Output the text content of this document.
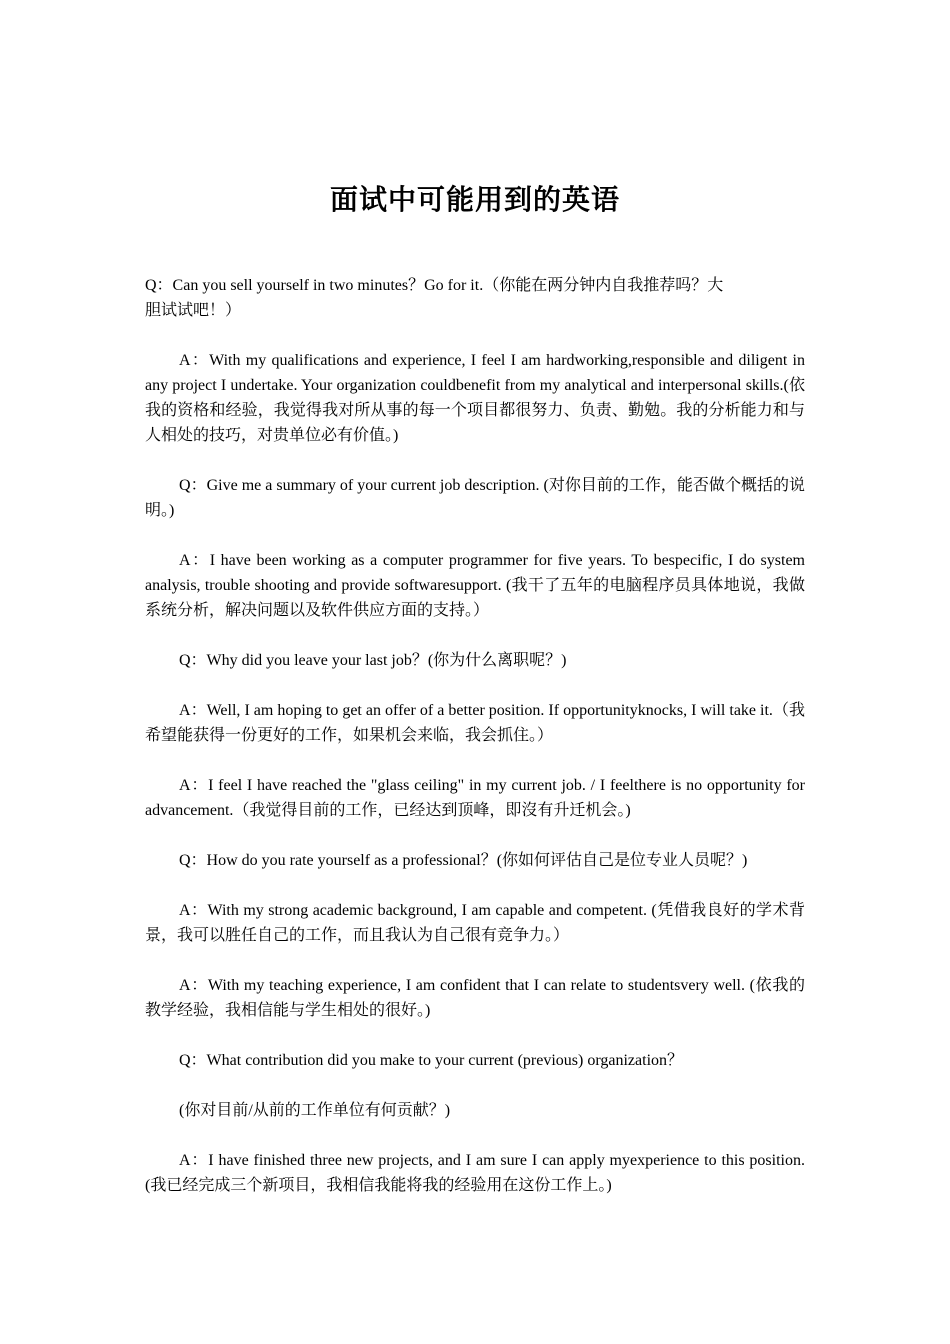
面试中可能用到的英语

Q：Can you sell yourself in two minutes？Go for it.（你能在两分钟内自我推荐吗？大胆试试吧！）

A：With my qualifications and experience, I feel I am hardworking,responsible and diligent in any project I undertake. Your organization couldbenefit from my analytical and interpersonal skills.(依我的资格和经验，我觉得我对所从事的每一个项目都很努力、负责、勤勉。我的分析能力和与人相处的技巧，对贵单位必有价值。)

Q：Give me a summary of your current job description. (对你目前的工作，能否做个概括的说明。)

A：I have been working as a computer programmer for five years. To bespecific, I do system analysis, trouble shooting and provide softwaresupport. (我干了五年的电脑程序员具体地说，我做系统分析，解决问题以及软件供应方面的支持。）

Q：Why did you leave your last job？(你为什么离职呢？)

A：Well, I am hoping to get an offer of a better position. If opportunityknocks, I will take it.（我希望能获得一份更好的工作，如果机会来临，我会抓住。）

A：I feel I have reached the "glass ceiling" in my current job. / I feelthere is no opportunity for advancement.（我觉得目前的工作，已经达到顶峰，即沒有升迁机会。)

Q：How do you rate yourself as a professional？(你如何评估自己是位专业人员呢？)

A：With my strong academic background, I am capable and competent. (凭借我良好的学术背景，我可以胜任自己的工作，而且我认为自己很有竞争力。）

A：With my teaching experience, I am confident that I can relate to studentsvery well. (依我的教学经验，我相信能与学生相处的很好。)

Q：What contribution did you make to your current (previous) organization？

(你对目前/从前的工作单位有何贡献？)

A：I have finished three new projects, and I am sure I can apply myexperience to this position. (我已经完成三个新项目，我相信我能将我的经验用在这份工作上。)
